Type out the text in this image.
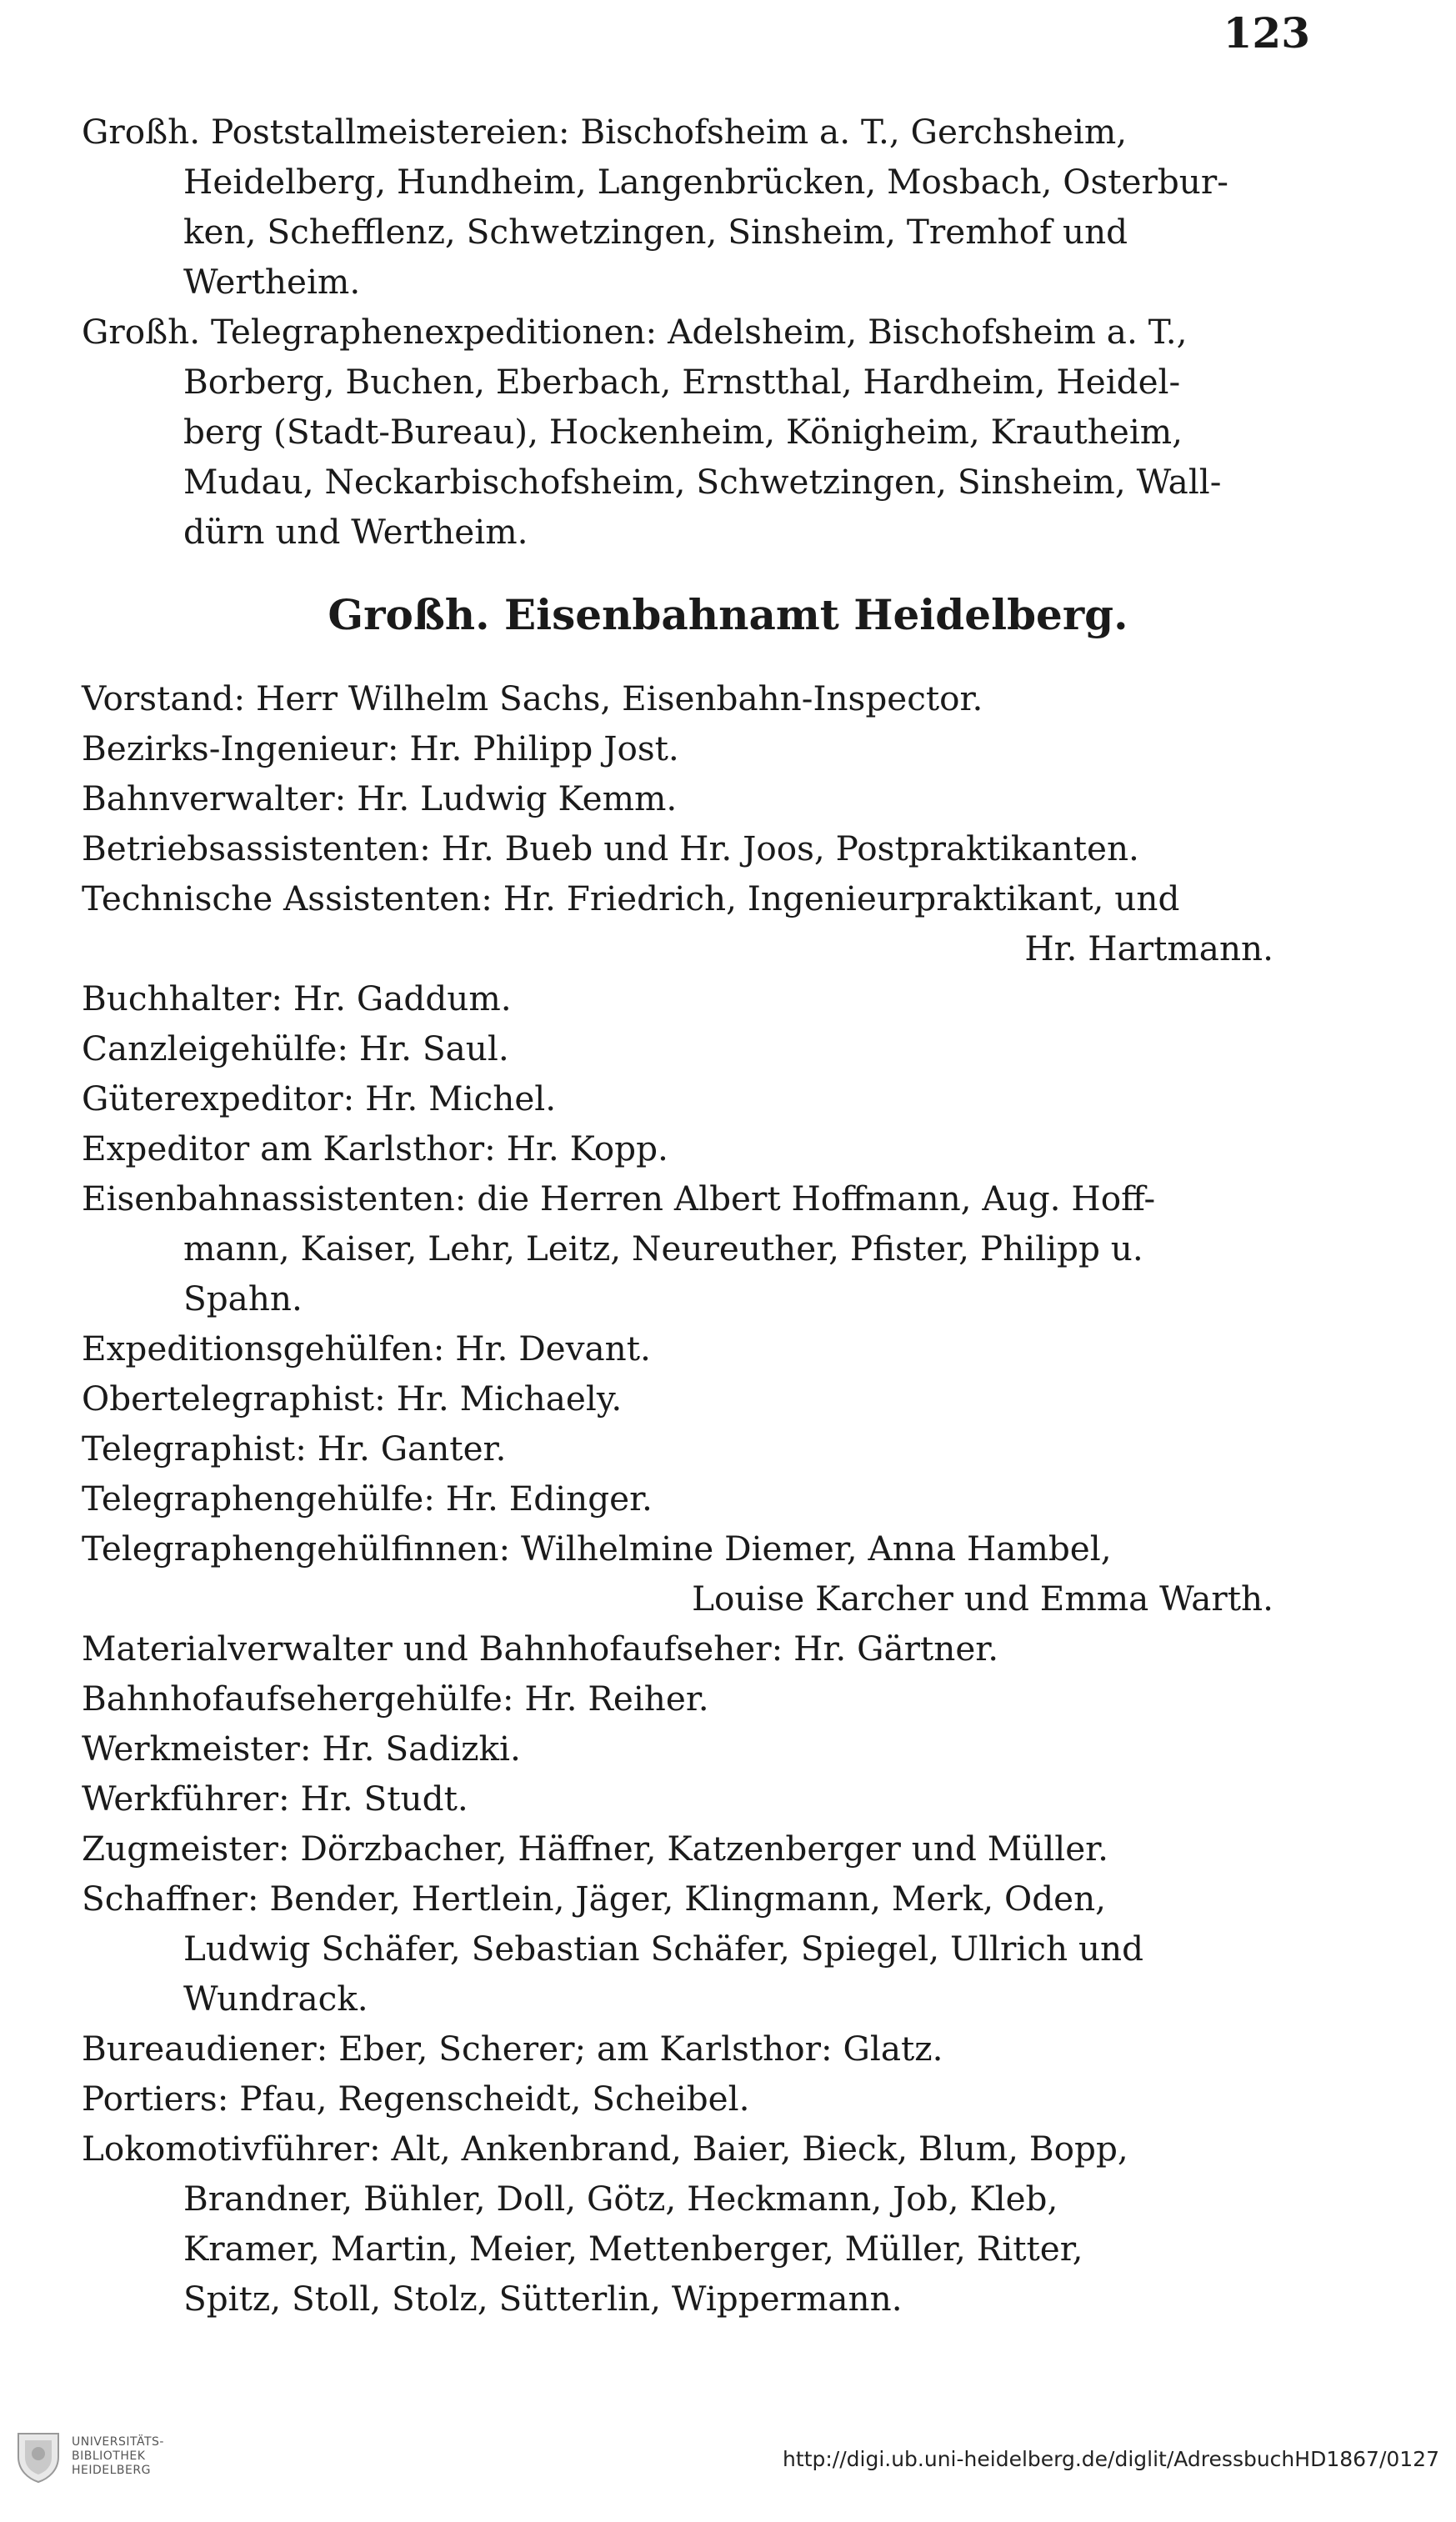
123

Großh. Poststallmeistereien: Bischofsheim a. T., Gerchsheim,
Heidelberg, Hundheim, Langenbrücken, Mosbach, Osterbur-
ken, Schefflenz, Schwetzingen, Sinsheim, Tremhof und
Wertheim.

Großh. Telegraphenexpeditionen: Adelsheim, Bischofsheim a. T.,
Borberg, Buchen, Eberbach, Ernstthal, Hardheim, Heidel-
berg (Stadt-Bureau), Hockenheim, Königheim, Krautheim,
Mudau, Neckarbischofsheim, Schwetzingen, Sinsheim, Wall-
dürn und Wertheim.

Großh. Eisenbahnamt Heidelberg.

Vorstand: Herr Wilhelm Sachs, Eisenbahn-Inspector.

Bezirks-Ingenieur: Hr. Philipp Jost.

Bahnverwalter: Hr. Ludwig Kemm.

Betriebsassistenten: Hr. Bueb und Hr. Joos, Postpraktikanten.

Technische Assistenten: Hr. Friedrich, Ingenieurpraktikant, und
Hr. Hartmann.

Buchhalter: Hr. Gaddum.

Canzleigehülfe: Hr. Saul.

Güterexpeditor: Hr. Michel.

Expeditor am Karlsthor: Hr. Kopp.

Eisenbahnassistenten: die Herren Albert Hoffmann, Aug. Hoff-
mann, Kaiser, Lehr, Leitz, Neureuther, Pfister, Philipp u.
Spahn.

Expeditionsgehülfen: Hr. Devant.

Obertelegraphist: Hr. Michaely.

Telegraphist: Hr. Ganter.

Telegraphengehülfe: Hr. Edinger.

Telegraphengehülfinnen: Wilhelmine Diemer, Anna Hambel,
Louise Karcher und Emma Warth.

Materialverwalter und Bahnhofaufseher: Hr. Gärtner.

Bahnhofaufsehergehülfe: Hr. Reiher.

Werkmeister: Hr. Sadizki.

Werkführer: Hr. Studt.

Zugmeister: Dörzbacher, Häffner, Katzenberger und Müller.

Schaffner: Bender, Hertlein, Jäger, Klingmann, Merk, Oden,
Ludwig Schäfer, Sebastian Schäfer, Spiegel, Ullrich und
Wundrack.

Bureaudiener: Eber, Scherer; am Karlsthor: Glatz.

Portiers: Pfau, Regenscheidt, Scheibel.

Lokomotivführer: Alt, Ankenbrand, Baier, Bieck, Blum, Bopp,
Brandner, Bühler, Doll, Götz, Heckmann, Job, Kleb,
Kramer, Martin, Meier, Mettenberger, Müller, Ritter,
Spitz, Stoll, Stolz, Sütterlin, Wippermann.

UNIVERSITÄTS-
BIBLIOTHEK
HEIDELBERG	http://digi.ub.uni-heidelberg.de/diglit/AdressbuchHD1867/0127
